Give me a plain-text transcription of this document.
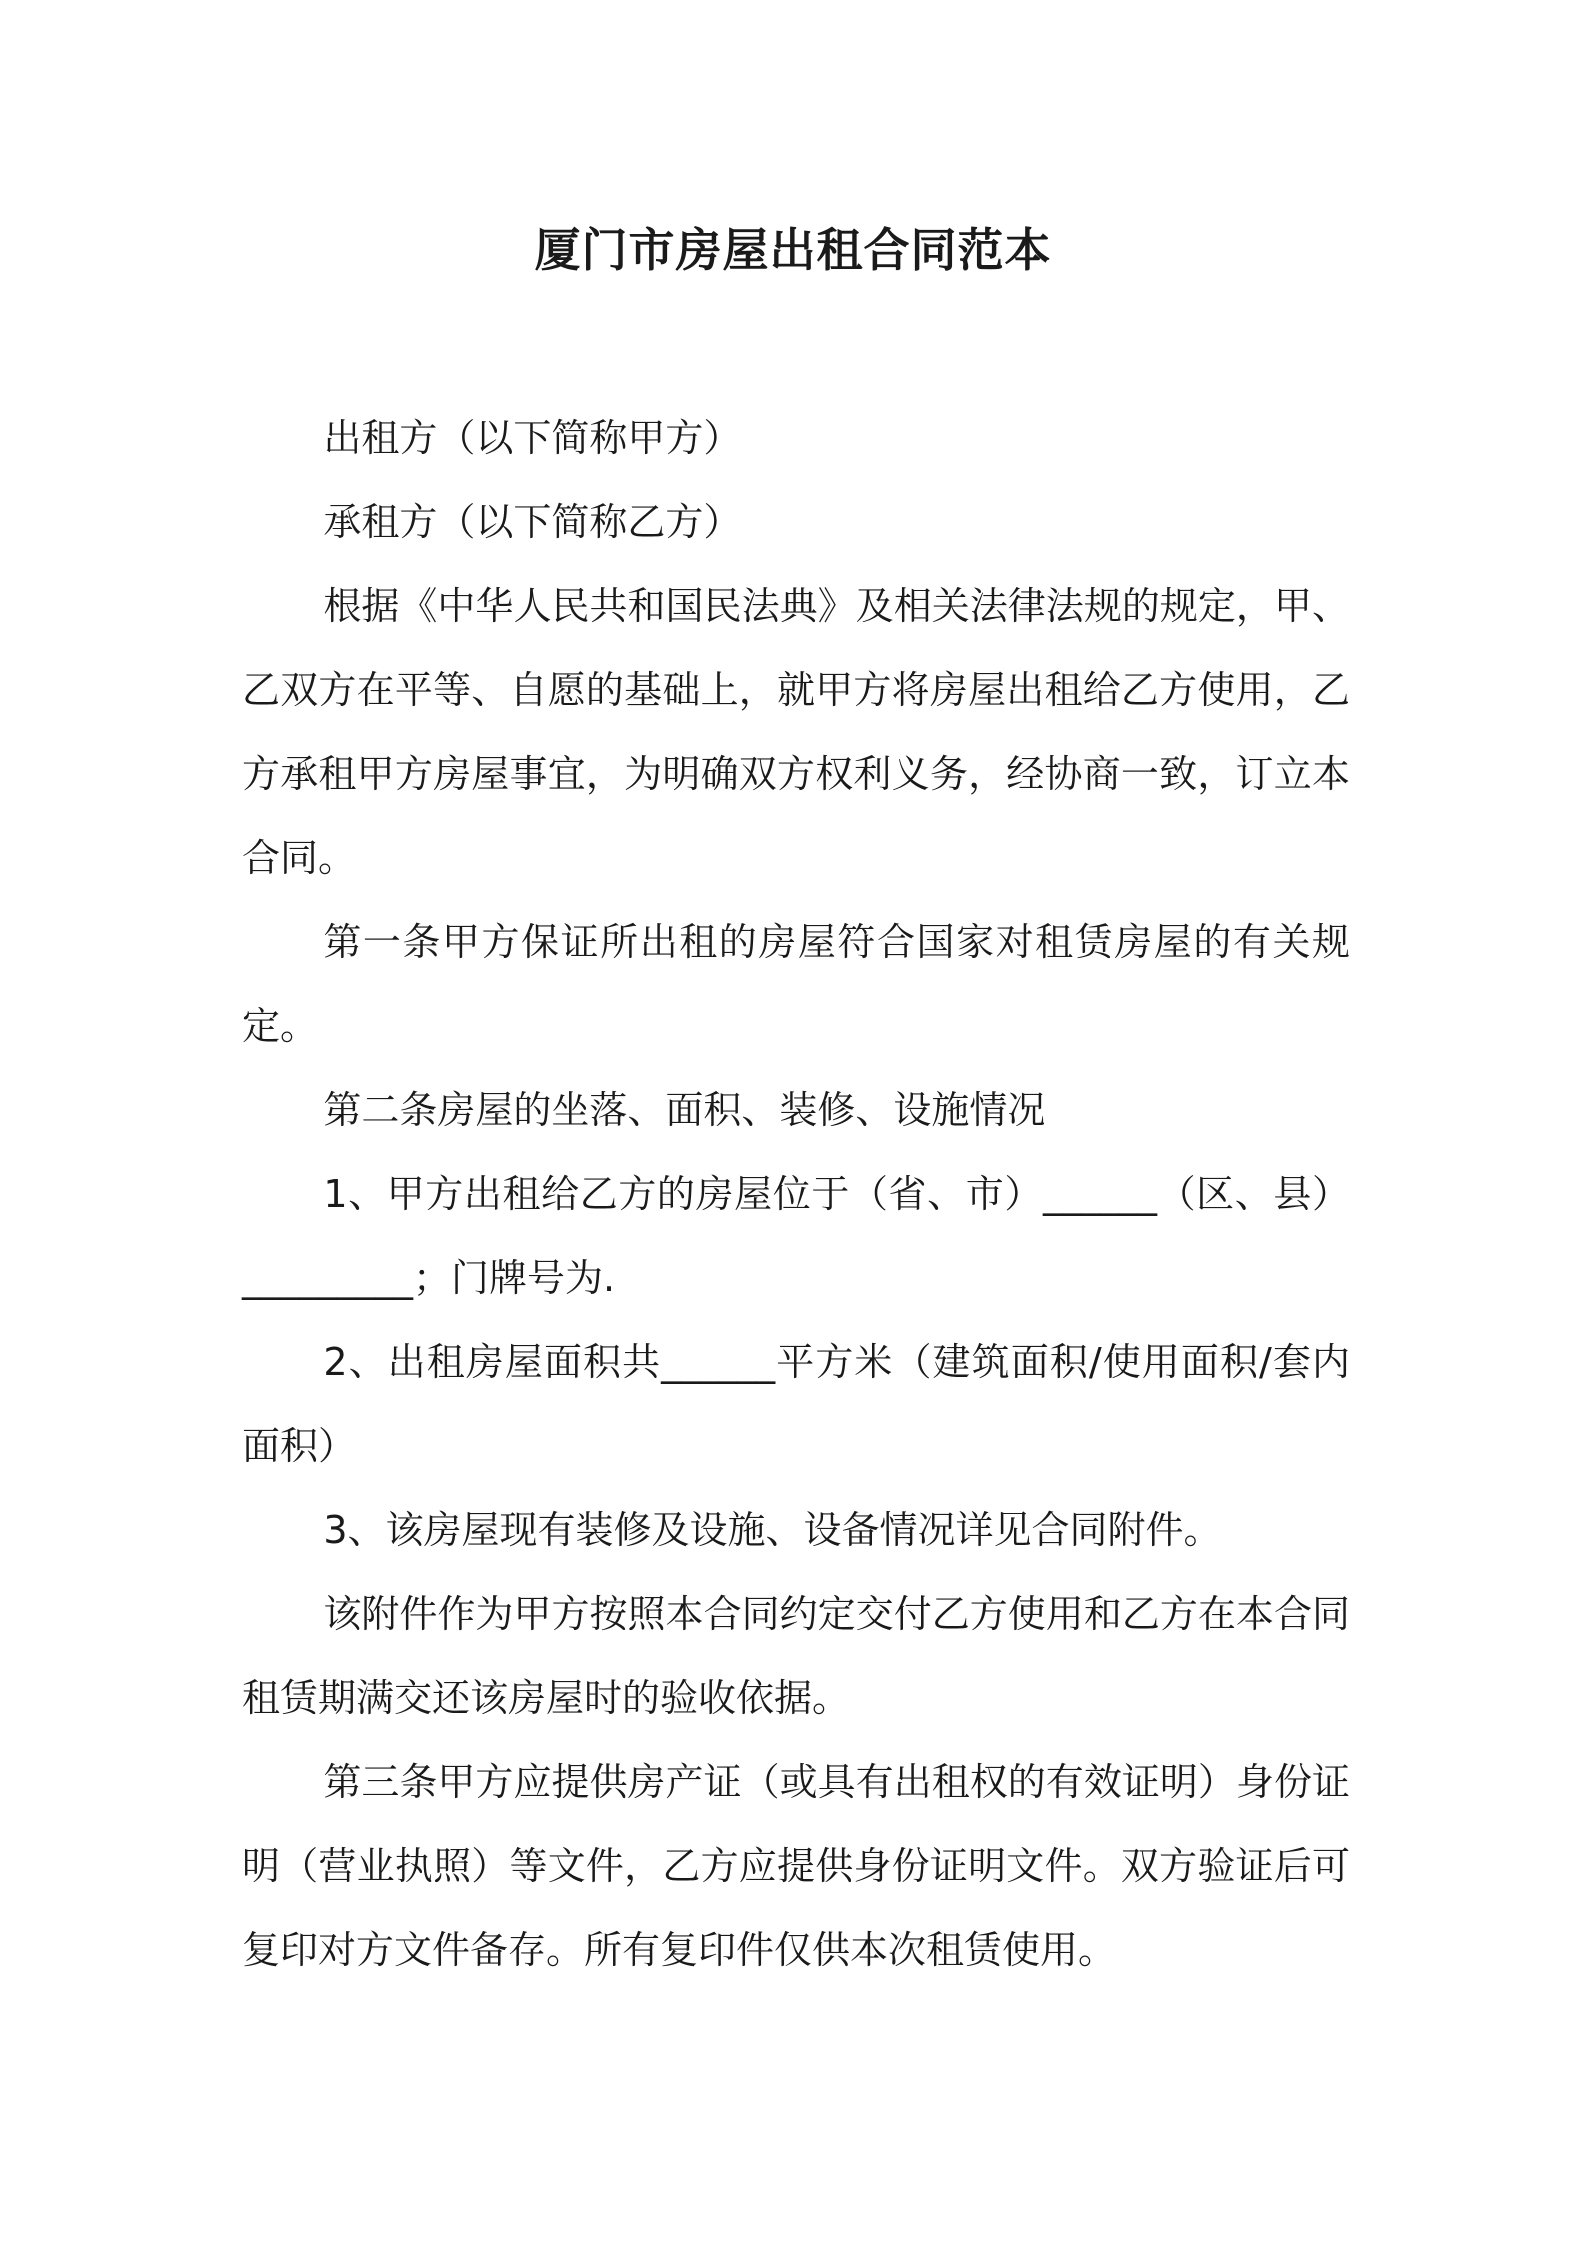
厦门市房屋出租合同范本

出租方（以下简称甲方）

承租方（以下简称乙方）

根据《中华人民共和国民法典》及相关法律法规的规定，甲、乙双方在平等、自愿的基础上，就甲方将房屋出租给乙方使用，乙方承租甲方房屋事宜，为明确双方权利义务，经协商一致，订立本合同。

第一条甲方保证所出租的房屋符合国家对租赁房屋的有关规定。

第二条房屋的坐落、面积、装修、设施情况

1、甲方出租给乙方的房屋位于（省、市）______（区、县）_________；门牌号为.

2、出租房屋面积共______平方米（建筑面积/使用面积/套内面积）

3、该房屋现有装修及设施、设备情况详见合同附件。

该附件作为甲方按照本合同约定交付乙方使用和乙方在本合同租赁期满交还该房屋时的验收依据。

第三条甲方应提供房产证（或具有出租权的有效证明）身份证明（营业执照）等文件，乙方应提供身份证明文件。双方验证后可复印对方文件备存。所有复印件仅供本次租赁使用。
